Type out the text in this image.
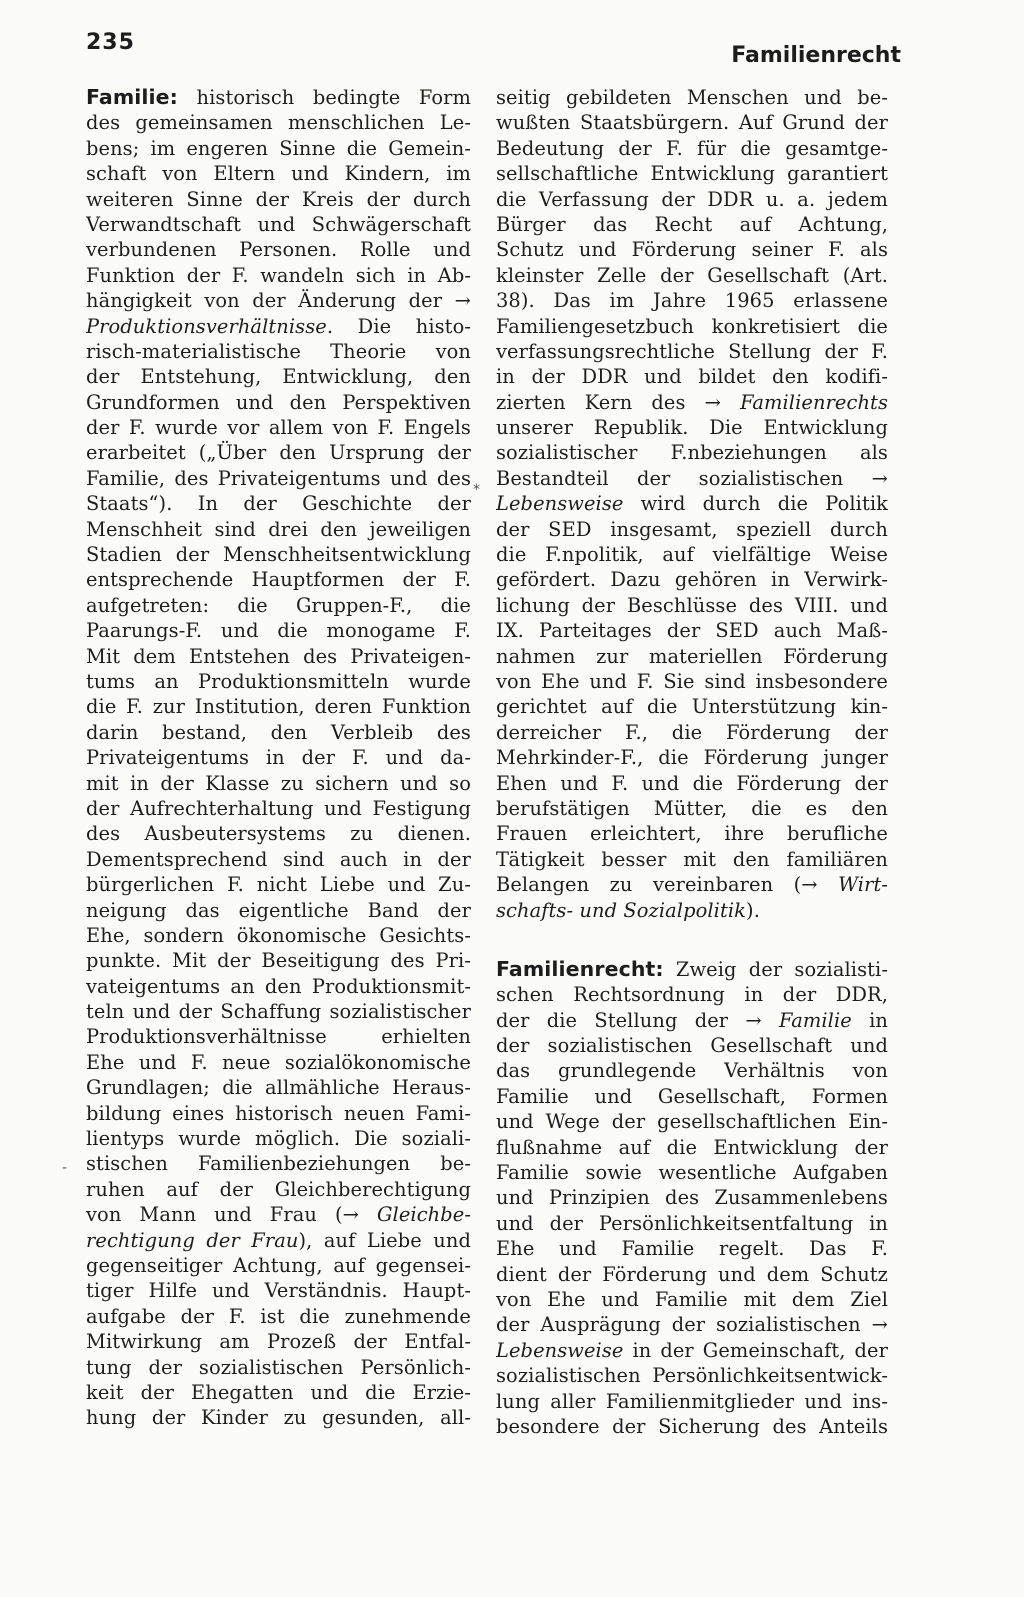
235
Familienrecht
-
*
Familie: historisch bedingte Form
des gemeinsamen menschlichen Le-
bens; im engeren Sinne die Gemein-
schaft von Eltern und Kindern, im
weiteren Sinne der Kreis der durch
Verwandtschaft und Schwägerschaft
verbundenen Personen. Rolle und
Funktion der F. wandeln sich in Ab-
hängigkeit von der Änderung der →
Produktionsverhältnisse. Die histo-
risch-materialistische Theorie von
der Entstehung, Entwicklung, den
Grundformen und den Perspektiven
der F. wurde vor allem von F. Engels
erarbeitet („Über den Ursprung der
Familie, des Privateigentums und des
Staats“). In der Geschichte der
Menschheit sind drei den jeweiligen
Stadien der Menschheitsentwicklung
entsprechende Hauptformen der F.
aufgetreten: die Gruppen-F., die
Paarungs-F. und die monogame F.
Mit dem Entstehen des Privateigen-
tums an Produktionsmitteln wurde
die F. zur Institution, deren Funktion
darin bestand, den Verbleib des
Privateigentums in der F. und da-
mit in der Klasse zu sichern und so
der Aufrechterhaltung und Festigung
des Ausbeutersystems zu dienen.
Dementsprechend sind auch in der
bürgerlichen F. nicht Liebe und Zu-
neigung das eigentliche Band der
Ehe, sondern ökonomische Gesichts-
punkte. Mit der Beseitigung des Pri-
vateigentums an den Produktionsmit-
teln und der Schaffung sozialistischer
Produktionsverhältnisse erhielten
Ehe und F. neue sozialökonomische
Grundlagen; die allmähliche Heraus-
bildung eines historisch neuen Fami-
lientyps wurde möglich. Die soziali-
stischen Familienbeziehungen be-
ruhen auf der Gleichberechtigung
von Mann und Frau (→ Gleichbe-
rechtigung der Frau), auf Liebe und
gegenseitiger Achtung, auf gegensei-
tiger Hilfe und Verständnis. Haupt-
aufgabe der F. ist die zunehmende
Mitwirkung am Prozeß der Entfal-
tung der sozialistischen Persönlich-
keit der Ehegatten und die Erzie-
hung der Kinder zu gesunden, all-
seitig gebildeten Menschen und be-
wußten Staatsbürgern. Auf Grund der
Bedeutung der F. für die gesamtge-
sellschaftliche Entwicklung garantiert
die Verfassung der DDR u. a. jedem
Bürger das Recht auf Achtung,
Schutz und Förderung seiner F. als
kleinster Zelle der Gesellschaft (Art.
38). Das im Jahre 1965 erlassene
Familiengesetzbuch konkretisiert die
verfassungsrechtliche Stellung der F.
in der DDR und bildet den kodifi-
zierten Kern des → Familienrechts
unserer Republik. Die Entwicklung
sozialistischer F.nbeziehungen als
Bestandteil der sozialistischen →
Lebensweise wird durch die Politik
der SED insgesamt, speziell durch
die F.npolitik, auf vielfältige Weise
gefördert. Dazu gehören in Verwirk-
lichung der Beschlüsse des VIII. und
IX. Parteitages der SED auch Maß-
nahmen zur materiellen Förderung
von Ehe und F. Sie sind insbesondere
gerichtet auf die Unterstützung kin-
derreicher F., die Förderung der
Mehrkinder-F., die Förderung junger
Ehen und F. und die Förderung der
berufstätigen Mütter, die es den
Frauen erleichtert, ihre berufliche
Tätigkeit besser mit den familiären
Belangen zu vereinbaren (→ Wirt-
schafts- und Sozialpolitik).
Familienrecht: Zweig der sozialisti-
schen Rechtsordnung in der DDR,
der die Stellung der → Familie in
der sozialistischen Gesellschaft und
das grundlegende Verhältnis von
Familie und Gesellschaft, Formen
und Wege der gesellschaftlichen Ein-
flußnahme auf die Entwicklung der
Familie sowie wesentliche Aufgaben
und Prinzipien des Zusammenlebens
und der Persönlichkeitsentfaltung in
Ehe und Familie regelt. Das F.
dient der Förderung und dem Schutz
von Ehe und Familie mit dem Ziel
der Ausprägung der sozialistischen →
Lebensweise in der Gemeinschaft, der
sozialistischen Persönlichkeitsentwick-
lung aller Familienmitglieder und ins-
besondere der Sicherung des Anteils
